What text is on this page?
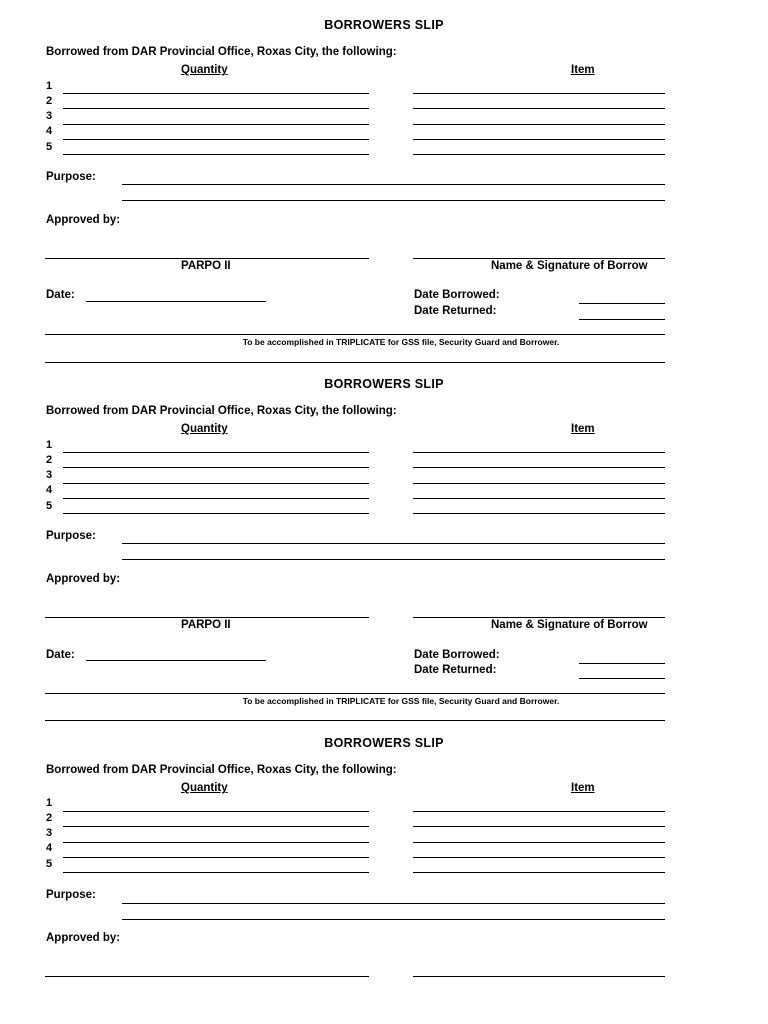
BORROWERS SLIP
Borrowed from DAR Provincial Office, Roxas City, the following:
Quantity	Item
1
2
3
4
5
Purpose:
Approved by:
PARPO II	Name & Signature of Borrow
Date:	Date Borrowed:
Date Returned:
To be accomplished in TRIPLICATE for GSS file, Security Guard and Borrower.
BORROWERS SLIP
Borrowed from DAR Provincial Office, Roxas City, the following:
Quantity	Item
1
2
3
4
5
Purpose:
Approved by:
PARPO II	Name & Signature of Borrow
Date:	Date Borrowed:
Date Returned:
To be accomplished in TRIPLICATE for GSS file, Security Guard and Borrower.
BORROWERS SLIP
Borrowed from DAR Provincial Office, Roxas City, the following:
Quantity	Item
1
2
3
4
5
Purpose:
Approved by:
